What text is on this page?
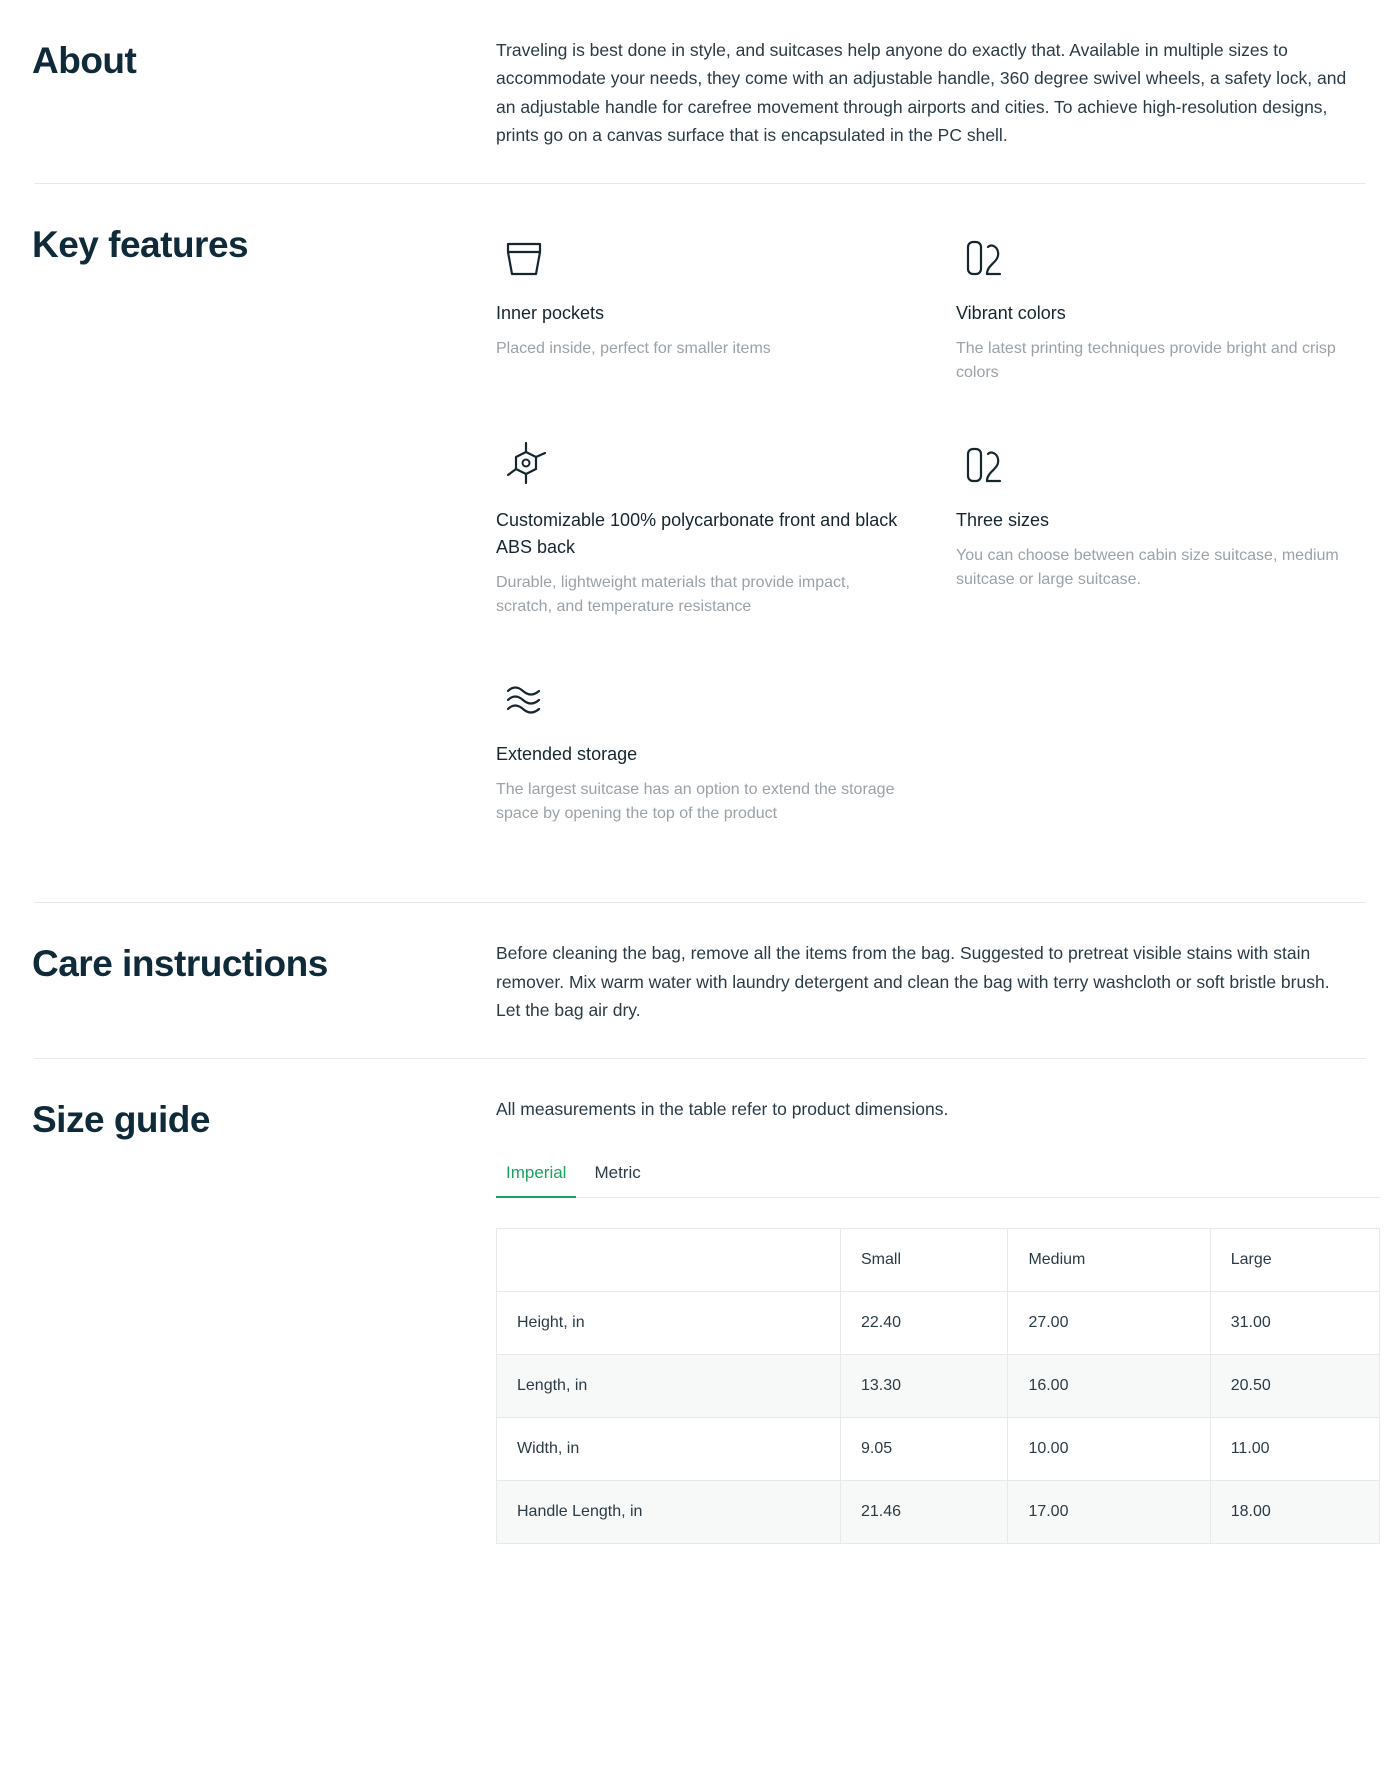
About	Traveling is best done in style, and suitcases help anyone do exactly that. Available in multiple sizes to accommodate your needs, they come with an adjustable handle, 360 degree swivel wheels, a safety lock, and an adjustable handle for carefree movement through airports and cities. To achieve high-resolution designs, prints go on a canvas surface that is encapsulated in the PC shell.
Key features
Inner pockets
Placed inside, perfect for smaller items
Vibrant colors
The latest printing techniques provide bright and crisp colors
Customizable 100% polycarbonate front and black ABS back
Durable, lightweight materials that provide impact, scratch, and temperature resistance
Three sizes
You can choose between cabin size suitcase, medium suitcase or large suitcase.
Extended storage
The largest suitcase has an option to extend the storage space by opening the top of the product
Care instructions	Before cleaning the bag, remove all the items from the bag. Suggested to pretreat visible stains with stain remover. Mix warm water with laundry detergent and clean the bag with terry washcloth or soft bristle brush. Let the bag air dry.
Size guide	All measurements in the table refer to product dimensions.
Imperial	Metric
	Small	Medium	Large
Height, in	22.40	27.00	31.00
Length, in	13.30	16.00	20.50
Width, in	9.05	10.00	11.00
Handle Length, in	21.46	17.00	18.00
